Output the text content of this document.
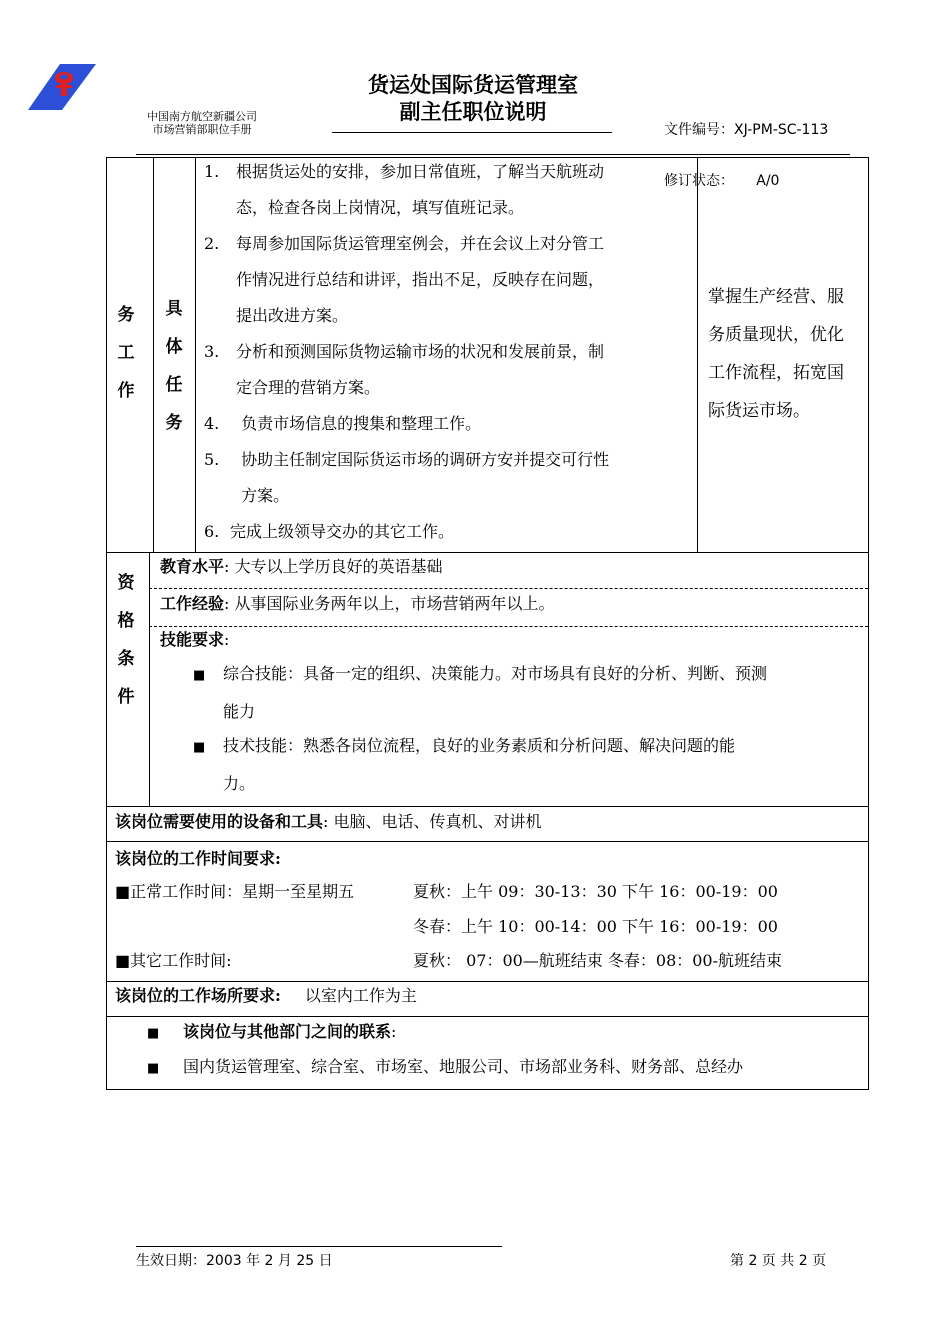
中国南方航空新疆公司
市场营销部职位手册
货运处国际货运管理室
副主任职位说明

文件编号：XJ-PM-SC-113

修订状态：     A/0

务
工
作
具
体
任
务
1. 根据货运处的安排，参加日常值班，了解当天航班动
态，检查各岗上岗情况，填写值班记录。
2. 每周参加国际货运管理室例会，并在会议上对分管工
作情况进行总结和讲评，指出不足，反映存在问题，
提出改进方案。
3. 分析和预测国际货物运输市场的状况和发展前景，制
定合理的营销方案。
4. 负责市场信息的搜集和整理工作。
5. 协助主任制定国际货运市场的调研方安并提交可行性
方案。
6. 完成上级领导交办的其它工作。
掌握生产经营、服
务质量现状，优化
工作流程，拓宽国
际货运市场。
资
格
条
件
教育水平: 大专以上学历良好的英语基础
工作经验: 从事国际业务两年以上，市场营销两年以上。
技能要求:
■ 综合技能：具备一定的组织、决策能力。对市场具有良好的分析、判断、预测
能力
■ 技术技能：熟悉各岗位流程，良好的业务素质和分析问题、解决问题的能
力。
该岗位需要使用的设备和工具: 电脑、电话、传真机、对讲机
该岗位的工作时间要求:
■正常工作时间：星期一至星期五	夏秋：上午 09：30-13：30 下午 16：00-19：00
冬春：上午 10：00-14：00 下午 16：00-19：00
■其它工作时间:	夏秋： 07：00—航班结束 冬春：08：00-航班结束
该岗位的工作场所要求: 以室内工作为主
■ 该岗位与其他部门之间的联系:
■ 国内货运管理室、综合室、市场室、地服公司、市场部业务科、财务部、总经办
生效日期：2003 年 2 月 25 日	第 2 页 共 2 页
